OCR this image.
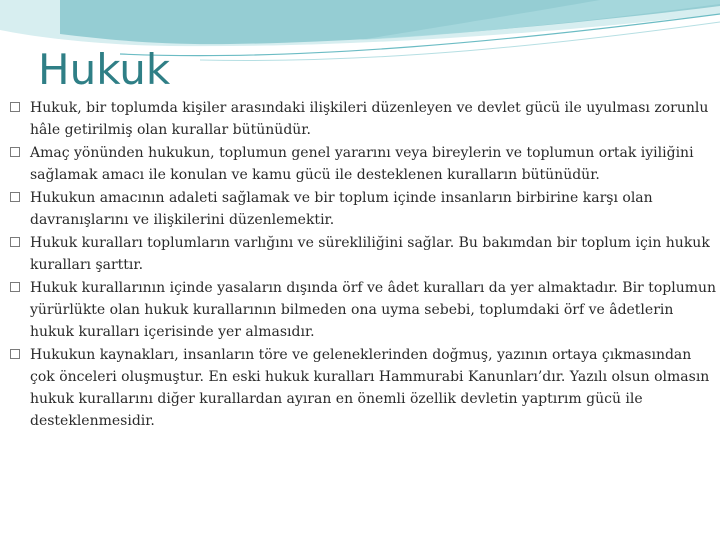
Hukuk
Hukuk, bir toplumda kişiler arasındaki ilişkileri düzenleyen ve devlet gücü ile uyulması zorunlu hâle getirilmiş olan kurallar bütünüdür.
Amaç yönünden hukukun, toplumun genel yararını veya bireylerin ve toplumun ortak iyiliğini sağlamak amacı ile konulan ve kamu gücü ile desteklenen kuralların bütünüdür.
Hukukun amacının adaleti sağlamak ve bir toplum içinde insanların birbirine karşı olan davranışlarını ve ilişkilerini düzenlemektir.
Hukuk kuralları toplumların varlığını ve sürekliliğini sağlar. Bu bakımdan bir toplum için hukuk kuralları şarttır.
Hukuk kurallarının içinde yasaların dışında örf ve âdet kuralları da yer almaktadır. Bir toplumun yürürlükte olan hukuk kurallarının bilmeden ona uyma sebebi, toplumdaki örf ve âdetlerin hukuk kuralları içerisinde yer almasıdır.
Hukukun kaynakları, insanların töre ve geleneklerinden doğmuş, yazının ortaya çıkmasından çok önceleri oluşmuştur. En eski hukuk kuralları Hammurabi Kanunları’dır. Yazılı olsun olmasın hukuk kurallarını diğer kurallardan ayıran en önemli özellik devletin yaptırım gücü ile desteklenmesidir.
